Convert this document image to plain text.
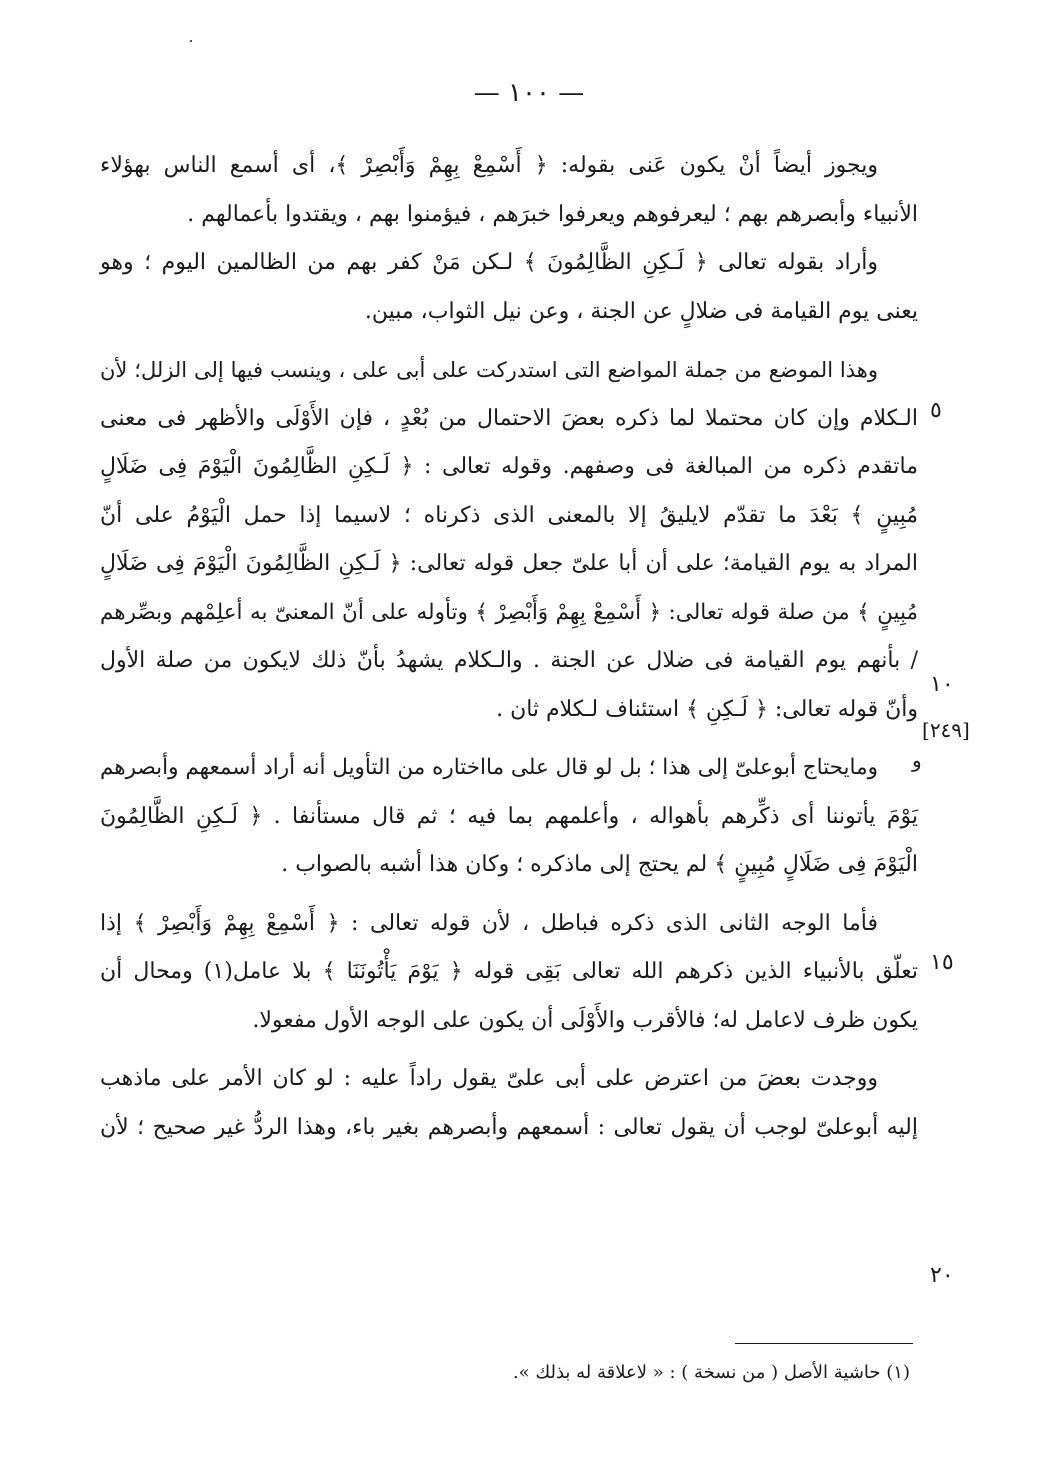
— ١٠٠ —

ويجوز أيضاً أنْ يكون عَنى بقوله: ﴿ أَسْمِعْ بِهِمْ وَأَبْصِرْ ﴾، أى أسمع الناس بهؤلاء
الأنبياء وأبصرهم بهم ؛ ليعرفوهم ويعرفوا خبرَهم ، فيؤمنوا بهم ، ويقتدوا بأعمالهم .

وأراد بقوله تعالى ﴿ لَـكِنِ الظَّالِمُونَ ﴾ لـكن مَنْ كفر بهم من الظالمين اليوم ؛ وهو
يعنى يوم القيامة فى ضلالٍ عن الجنة ، وعن نيل الثواب، مبين.

وهذا الموضع من جملة المواضع التى استدركت على أبى على ، وينسب فيها إلى الزلل؛ لأن
الـكلام وإن كان محتملا لما ذكره بعضَ الاحتمال من بُعْدٍ ، فإن الأَوْلَى والأظهر فى معنى
ماتقدم ذكره من المبالغة فى وصفهم. وقوله تعالى : ﴿ لَـكِنِ الظَّالِمُونَ الْيَوْمَ فِى ضَلَالٍ
مُبِينٍ ﴾ بَعْدَ ما تقدّم لايليقُ إلا بالمعنى الذى ذكرناه ؛ لاسيما إذا حمل الْيَوْمُ على أنّ
المراد به يوم القيامة؛ على أن أبا علىّ جعل قوله تعالى: ﴿ لَـكِنِ الظَّالِمُونَ الْيَوْمَ فِى ضَلَالٍ
مُبِينٍ ﴾ من صلة قوله تعالى: ﴿ أَسْمِعْ بِهِمْ وَأَبْصِرْ ﴾ وتأوله على أنّ المعنىّ به أعلِمْهم وبصِّرهم
/ بأنهم يوم القيامة فى ضلال عن الجنة . والـكلام يشهدُ بأنّ ذلك لايكون من صلة الأول
وأنّ قوله تعالى: ﴿ لَـكِنِ ﴾ استئناف لـكلام ثان .

ومايحتاج أبوعلىّ إلى هذا ؛ بل لو قال على مااختاره من التأويل أنه أراد أسمعهم وأبصرهم
يَوْمَ يأتوننا أى ذكِّرهم بأهواله ، وأعلمهم بما فيه ؛ ثم قال مستأنفا . ﴿ لَـكِنِ الظَّالِمُونَ
الْيَوْمَ فِى ضَلَالٍ مُبِينٍ ﴾ لم يحتج إلى ماذكره ؛ وكان هذا أشبه بالصواب .

فأما الوجه الثانى الذى ذكره فباطل ، لأن قوله تعالى : ﴿ أَسْمِعْ بِهِمْ وَأَبْصِرْ ﴾ إذا
تعلّق بالأنبياء الذين ذكرهم الله تعالى بَقِى قوله ﴿ يَوْمَ يَأْتُونَنَا ﴾ بلا عامل(١) ومحال أن
يكون ظرف لاعامل له؛ فالأقرب والأَوْلَى أن يكون على الوجه الأول مفعولا.

ووجدت بعضَ من اعترض على أبى علىّ يقول راداً عليه : لو كان الأمر على ماذهب
إليه أبوعلىّ لوجب أن يقول تعالى : أسمعهم وأبصرهم بغير باء، وهذا الردُّ غير صحيح ؛ لأن

٥
١٠
١٥
٢٠
[٢٤٩]
و
(١) حاشية الأصل ( من نسخة ) : « لاعلاقة له بذلك ».
